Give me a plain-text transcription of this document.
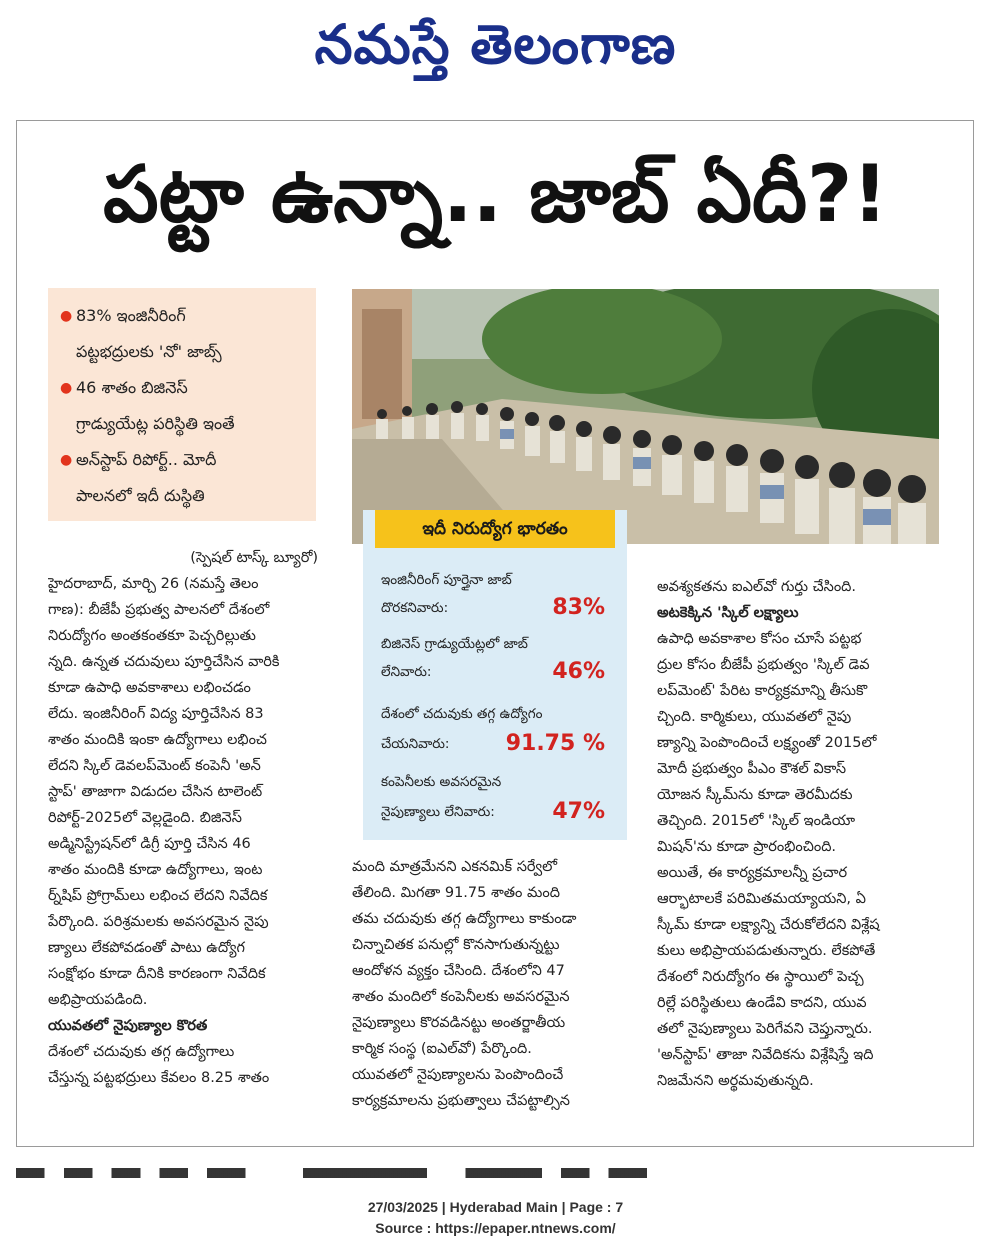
నమస్తే తెలంగాణ
పట్టా ఉన్నా.. జాబ్ ఏదీ?!
● 83% ఇంజినీరింగ్
పట్టభద్రులకు 'నో' జాబ్స్
● 46 శాతం బిజినెస్
గ్రాడ్యుయేట్ల పరిస్థితి ఇంతే
● అన్‌స్టాప్ రిపోర్ట్.. మోదీ
పాలనలో ఇదీ దుస్థితి
ఇదీ నిరుద్యోగ భారతం
ఇంజినీరింగ్ పూర్తైనా జాబ్
దొరకనివారు:	83%
బిజినెస్ గ్రాడ్యుయేట్లలో జాబ్
లేనివారు:	46%
దేశంలో చదువుకు తగ్గ ఉద్యోగం
చేయనివారు:	91.75 %
కంపెనీలకు అవసరమైన
నైపుణ్యాలు లేనివారు:	47%
(స్పెషల్ టాస్క్ బ్యూరో)
హైదరాబాద్, మార్చి 26 (నమస్తే తెలం
గాణ): బీజేపీ ప్రభుత్వ పాలనలో దేశంలో
నిరుద్యోగం అంతకంతకూ పెచ్చరిల్లుతు
న్నది. ఉన్నత చదువులు పూర్తిచేసిన వారికి
కూడా ఉపాధి అవకాశాలు లభించడం
లేదు. ఇంజినీరింగ్ విద్య పూర్తిచేసిన 83
శాతం మందికి ఇంకా ఉద్యోగాలు లభించ
లేదని స్కిల్ డెవలప్‌మెంట్ కంపెనీ 'అన్
స్టాప్' తాజాగా విడుదల చేసిన టాలెంట్
రిపోర్ట్-2025లో వెల్లడైంది. బిజినెస్
అడ్మినిస్ట్రేషన్‌లో డిగ్రీ పూర్తి చేసిన 46
శాతం మందికి కూడా ఉద్యోగాలు, ఇంట
ర్న్‌షిప్ ప్రోగ్రామ్‌లు లభించ లేదని నివేదిక
పేర్కొంది. పరిశ్రమలకు అవసరమైన నైపు
ణ్యాలు లేకపోవడంతో పాటు ఉద్యోగ
సంక్షోభం కూడా దీనికి కారణంగా నివేదిక
అభిప్రాయపడింది.
యువతలో నైపుణ్యాల కొరత
దేశంలో చదువుకు తగ్గ ఉద్యోగాలు
చేస్తున్న పట్టభద్రులు కేవలం 8.25 శాతం
మంది మాత్రమేనని ఎకనమిక్ సర్వేలో
తేలింది. మిగతా 91.75 శాతం మంది
తమ చదువుకు తగ్గ ఉద్యోగాలు కాకుండా
చిన్నాచితక పనుల్లో కొనసాగుతున్నట్టు
ఆందోళన వ్యక్తం చేసింది. దేశంలోని 47
శాతం మందిలో కంపెనీలకు అవసరమైన
నైపుణ్యాలు కొరవడినట్టు అంతర్జాతీయ
కార్మిక సంస్థ (ఐఎల్‌వో) పేర్కొంది.
యువతలో నైపుణ్యాలను పెంపొందించే
కార్యక్రమాలను ప్రభుత్వాలు చేపట్టాల్సిన
అవశ్యకతను ఐఎల్‌వో గుర్తు చేసింది.
అటకెక్కిన 'స్కిల్ లక్ష్యాలు
ఉపాధి అవకాశాల కోసం చూసే పట్టభ
ద్రుల కోసం బీజేపీ ప్రభుత్వం 'స్కిల్ డెవ
లప్‌మెంట్' పేరిట కార్యక్రమాన్ని తీసుకొ
చ్చింది. కార్మికులు, యువతలో నైపు
ణ్యాన్ని పెంపొందించే లక్ష్యంతో 2015లో
మోదీ ప్రభుత్వం పీఎం కౌశల్ వికాస్
యోజన స్కీమ్‌ను కూడా తెరమీదకు
తెచ్చింది. 2015లో 'స్కిల్ ఇండియా
మిషన్'ను కూడా ప్రారంభించింది.
అయితే, ఈ కార్యక్రమాలన్నీ ప్రచార
ఆర్భాటాలకే పరిమితమయ్యాయని, ఏ
స్కీమ్ కూడా లక్ష్యాన్ని చేరుకోలేదని విశ్లేష
కులు అభిప్రాయపడుతున్నారు. లేకపోతే
దేశంలో నిరుద్యోగం ఈ స్థాయిలో పెచ్చ
రిల్లే పరిస్థితులు ఉండేవి కాదని, యువ
తలో నైపుణ్యాలు పెరిగేవని చెప్తున్నారు.
'అన్‌స్టాప్' తాజా నివేదికను విశ్లేషిస్తే ఇది
నిజమేనని అర్థమవుతున్నది.
27/03/2025 | Hyderabad Main | Page : 7
Source : https://epaper.ntnews.com/
